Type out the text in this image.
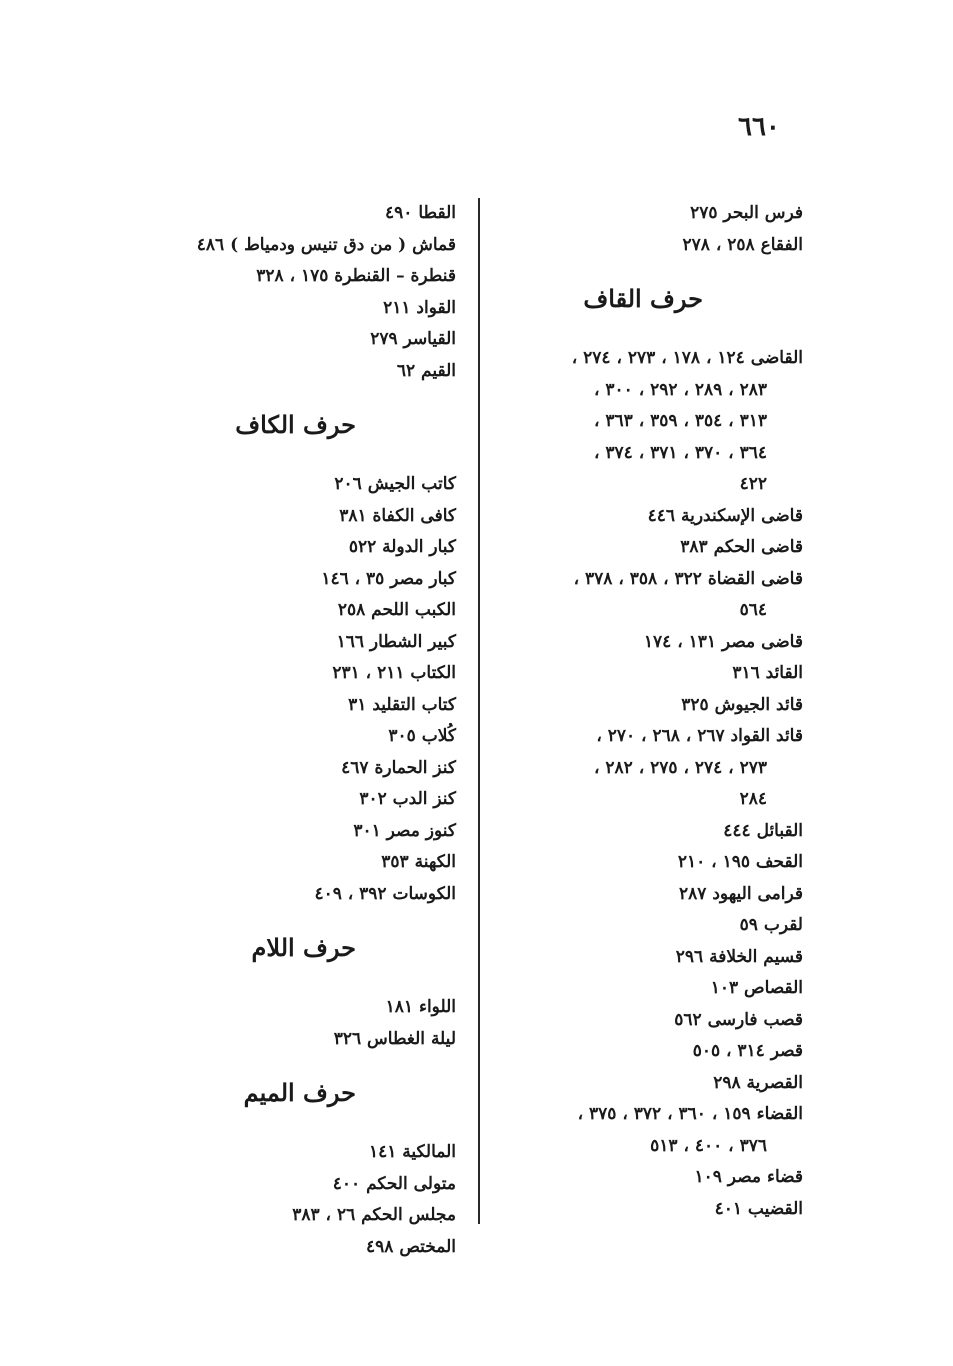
٦٦٠
فرس البحر ٢٧٥
الفقاع ٢٥٨ ، ٢٧٨
حرف القاف
القاضى ١٢٤ ، ١٧٨ ، ٢٧٣ ، ٢٧٤ ،
٢٨٣ ، ٢٨٩ ، ٢٩٢ ، ٣٠٠ ،
٣١٣ ، ٣٥٤ ، ٣٥٩ ، ٣٦٣ ،
٣٦٤ ، ٣٧٠ ، ٣٧١ ، ٣٧٤ ،
٤٢٢
قاضى الإسكندرية ٤٤٦
قاضى الحكم ٣٨٣
قاضى القضاة ٣٢٢ ، ٣٥٨ ، ٣٧٨ ،
٥٦٤
قاضى مصر ١٣١ ، ١٧٤
القائد ٣١٦
قائد الجيوش ٣٢٥
قائد القواد ٢٦٧ ، ٢٦٨ ، ٢٧٠ ،
٢٧٣ ، ٢٧٤ ، ٢٧٥ ، ٢٨٢ ،
٢٨٤
القبائل ٤٤٤
القحف ١٩٥ ، ٢١٠
قرامى اليهود ٢٨٧
لقرب ٥٩
قسيم الخلافة ٢٩٦
القصاص ١٠٣
قصب فارسى ٥٦٢
قصر ٣١٤ ، ٥٠٥
القصرية ٢٩٨
القضاء ١٥٩ ، ٣٦٠ ، ٣٧٢ ، ٣٧٥ ،
٣٧٦ ، ٤٠٠ ، ٥١٣
قضاء مصر ١٠٩
القضيب ٤٠١
القطا ٤٩٠
قماش ( من دق تنيس ودمياط ) ٤٨٦
قنطرة – القنطرة ١٧٥ ، ٣٢٨
القواد ٢١١
القياسر ٢٧٩
القيم ٦٢
حرف الكاف
كاتب الجيش ٢٠٦
كافى الكفاة ٣٨١
كبار الدولة ٥٢٢
كبار مصر ٣٥ ، ١٤٦
الكبب اللحم ٢٥٨
كبير الشطار ١٦٦
الكتاب ٢١١ ، ٢٣١
كتاب التقليد ٣١
كُلاب ٣٠٥
كنز الحمارة ٤٦٧
كنز الدب ٣٠٢
كنوز مصر ٣٠١
الكهنة ٣٥٣
الكوسات ٣٩٢ ، ٤٠٩
حرف اللام
اللواء ١٨١
ليلة الغطاس ٣٢٦
حرف الميم
المالكية ١٤١
متولى الحكم ٤٠٠
مجلس الحكم ٢٦ ، ٣٨٣
المختص ٤٩٨
